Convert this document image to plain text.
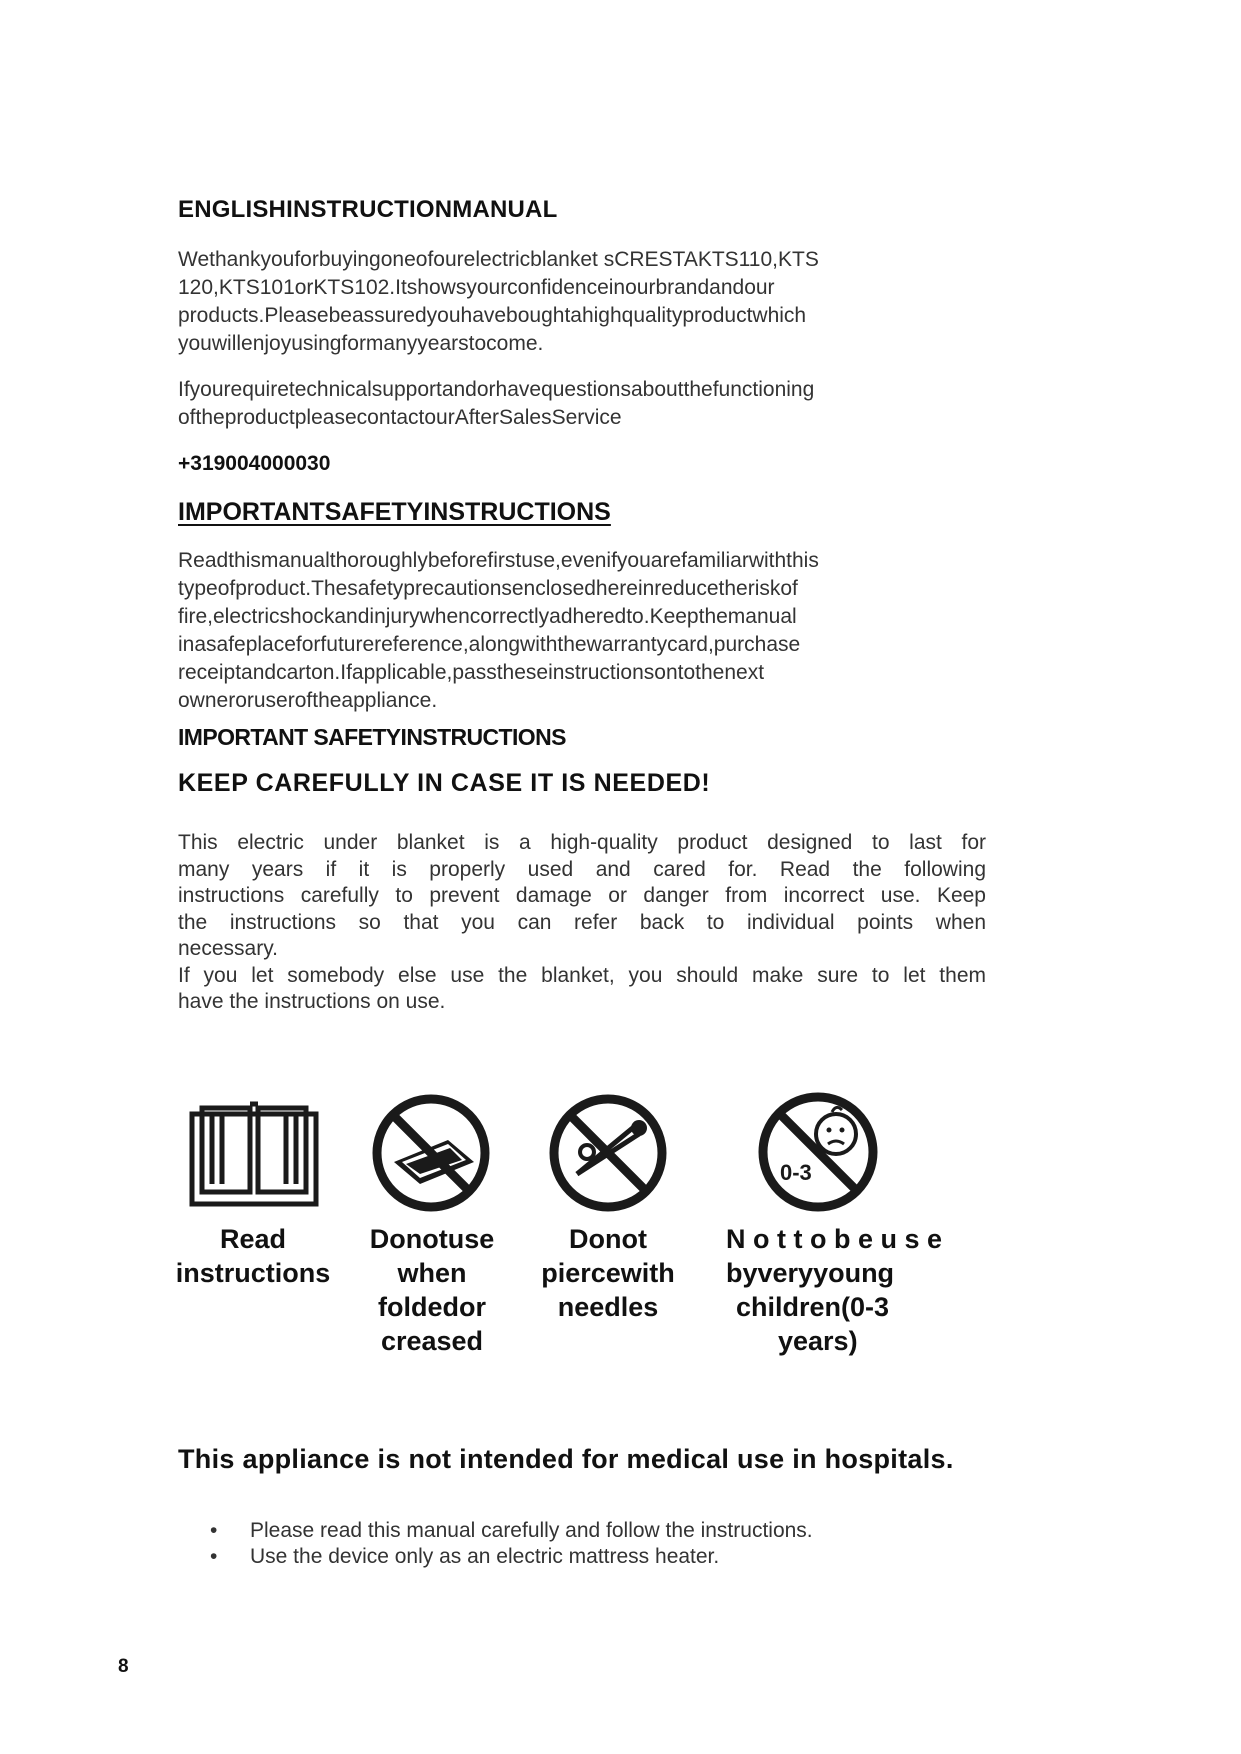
ENGLISHINSTRUCTIONMANUAL
Wethankyouforbuyingoneofourelectricblanket sCRESTAKTS110,KTS
120,KTS101orKTS102.Itshowsyourconfidenceinourbrandandour
products.Pleasebeassuredyouhaveboughtahighqualityproductwhich
youwillenjoyusingformanyyearstocome.
Ifyourequiretechnicalsupportandorhavequestionsaboutthefunctioning
oftheproductpleasecontactourAfterSalesService
+319004000030
IMPORTANTSAFETYINSTRUCTIONS
Readthismanualthoroughlybeforefirstuse,evenifyouarefamiliarwiththis
typeofproduct.Thesafetyprecautionsenclosedhereinreducetheriskof
fire,electricshockandinjurywhencorrectlyadheredto.Keepthemanual
inasafeplaceforfuturereference,alongwiththewarrantycard,purchase
receiptandcarton.Ifapplicable,passtheseinstructionsontothenext
owneroruseroftheappliance.
IMPORTANT SAFETYINSTRUCTIONS
KEEP CAREFULLY IN CASE IT IS NEEDED!
This electric under blanket is a high-quality product designed to last for
many years if it is properly used and cared for. Read the following
instructions carefully to prevent damage or danger from incorrect use. Keep
the instructions so that you can refer back to individual points when
necessary.
If you let somebody else use the blanket, you should make sure to let them
have the instructions on use.
0-3
Read
instructions
Donotuse
when
foldedor
creased
Donot
piercewith
needles
N o t t o b e u s e
byveryyoung
children(0-3
years)
This appliance is not intended for medical use in hospitals.
• Please read this manual carefully and follow the instructions.
• Use the device only as an electric mattress heater.
8
